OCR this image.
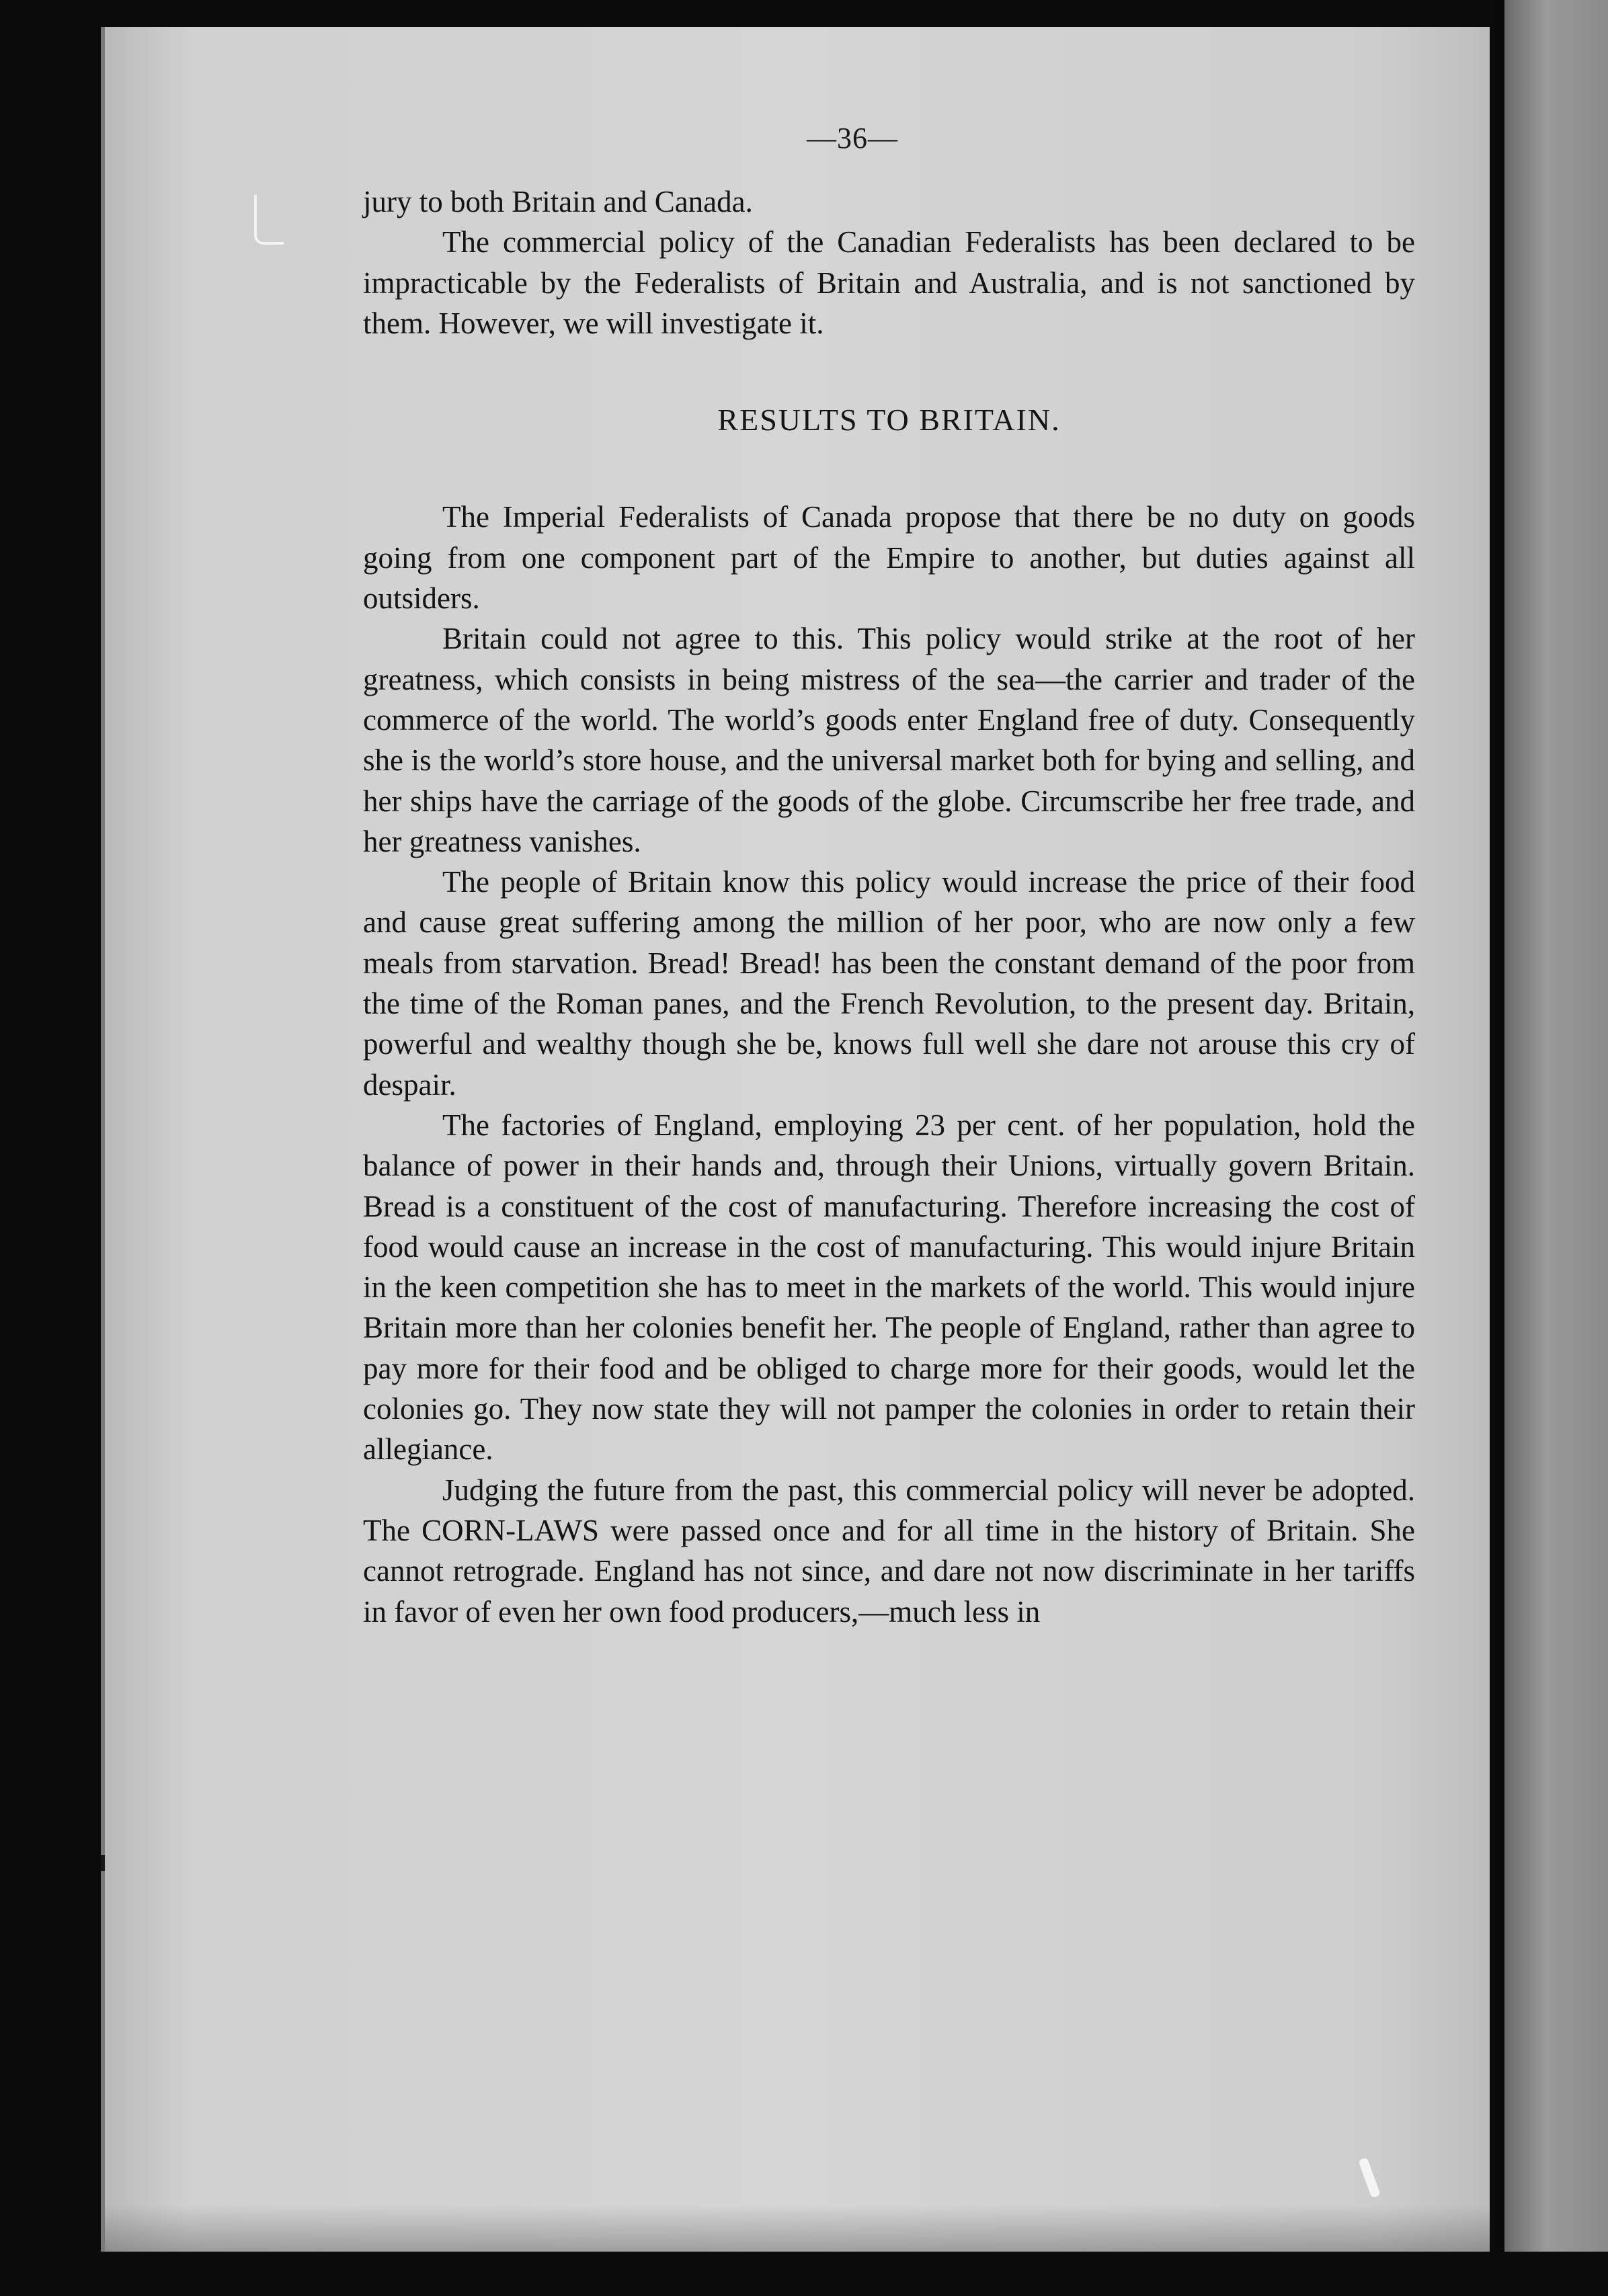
—36—

jury to both Britain and Canada.

The commercial policy of the Canadian Federalists has been declared to be impracticable by the Federalists of Britain and Australia, and is not sanctioned by them. However, we will investigate it.

RESULTS TO BRITAIN.

The Imperial Federalists of Canada propose that there be no duty on goods going from one component part of the Empire to another, but duties against all outsiders.

Britain could not agree to this. This policy would strike at the root of her greatness, which consists in being mistress of the sea—the carrier and trader of the commerce of the world. The world’s goods enter England free of duty. Consequently she is the world’s store house, and the universal market both for bying and selling, and her ships have the carriage of the goods of the globe. Circumscribe her free trade, and her greatness vanishes.

The people of Britain know this policy would increase the price of their food and cause great suffering among the million of her poor, who are now only a few meals from starvation. Bread! Bread! has been the constant demand of the poor from the time of the Roman panes, and the French Revolution, to the present day. Britain, powerful and wealthy though she be, knows full well she dare not arouse this cry of despair.

The factories of England, employing 23 per cent. of her population, hold the balance of power in their hands and, through their Unions, virtually govern Britain. Bread is a constituent of the cost of manufacturing. Therefore increasing the cost of food would cause an increase in the cost of manufacturing. This would injure Britain in the keen competition she has to meet in the markets of the world. This would injure Britain more than her colonies benefit her. The people of England, rather than agree to pay more for their food and be obliged to charge more for their goods, would let the colonies go. They now state they will not pamper the colonies in order to retain their allegiance.

Judging the future from the past, this commercial policy will never be adopted. The CORN-LAWS were passed once and for all time in the history of Britain. She cannot retrograde. England has not since, and dare not now discriminate in her tariffs in favor of even her own food producers,—much less in
